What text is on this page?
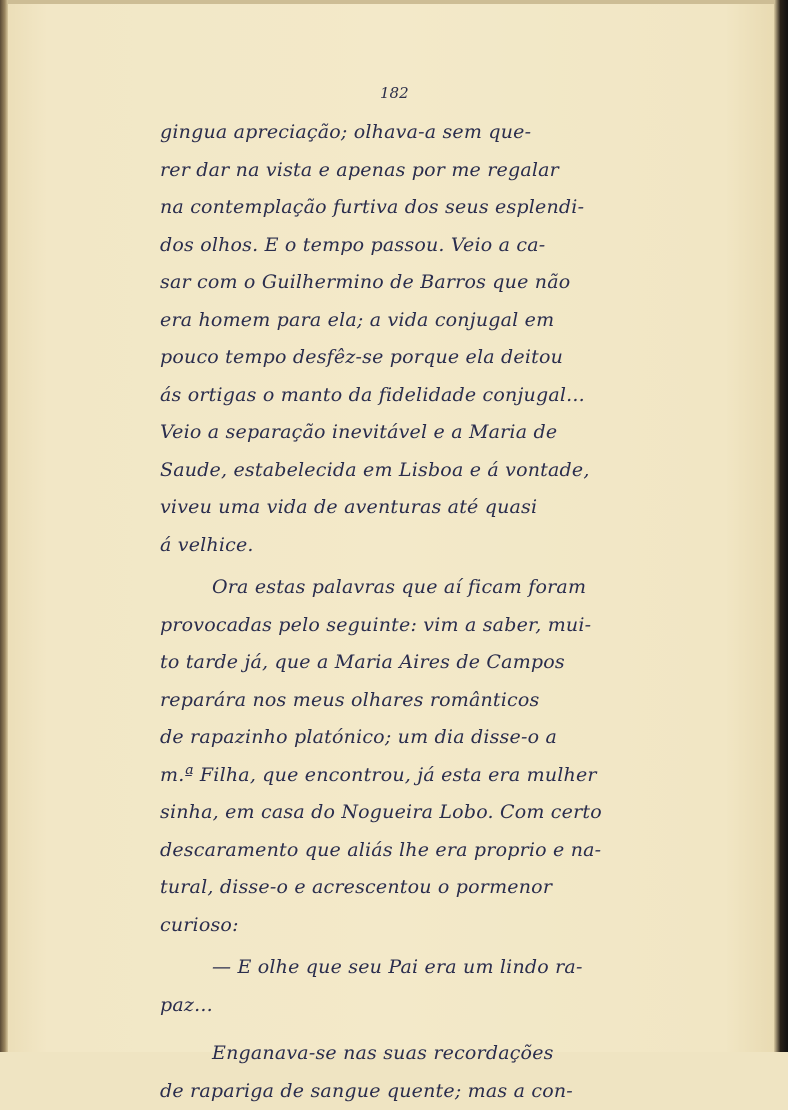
182
gingua apreciação; olhava-a sem que-
rer dar na vista e apenas por me regalar
na contemplação furtiva dos seus esplendi-
dos olhos. E o tempo passou. Veio a ca-
sar com o Guilhermino de Barros que não
era homem para ela; a vida conjugal em
pouco tempo desfêz-se porque ela deitou
ás ortigas o manto da fidelidade conjugal...
Veio a separação inevitável e a Maria de
Saude, estabelecida em Lisboa e á vontade,
viveu uma vida de aventuras até quasi
á velhice.
Ora estas palavras que aí ficam foram
provocadas pelo seguinte: vim a saber, mui-
to tarde já, que a Maria Aires de Campos
reparára nos meus olhares românticos
de rapazinho platónico; um dia disse-o a
m.ª Filha, que encontrou, já esta era mulher
sinha, em casa do Nogueira Lobo. Com certo
descaramento que aliás lhe era proprio e na-
tural, disse-o e acrescentou o pormenor
curioso:
— E olhe que seu Pai era um lindo ra-
paz...
Enganava-se nas suas recordações
de rapariga de sangue quente; mas a con-
